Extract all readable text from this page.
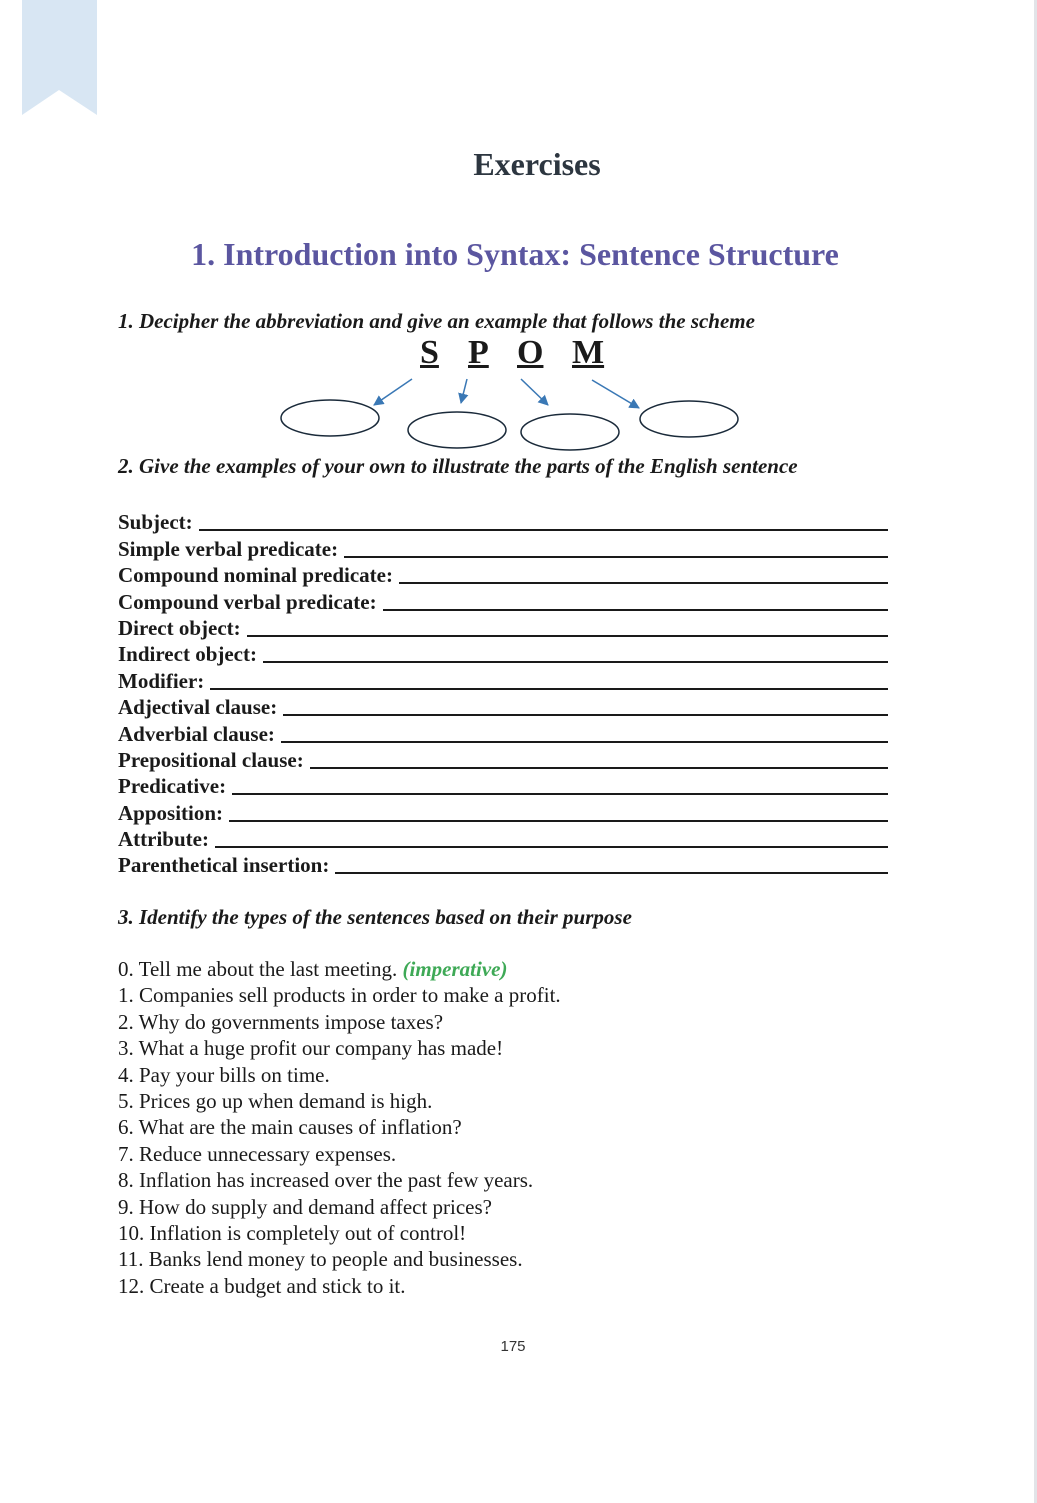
Exercises
1. Introduction into Syntax: Sentence Structure
1. Decipher the abbreviation and give an example that follows the scheme
S P O M
2. Give the examples of your own to illustrate the parts of the English sentence
Subject:
Simple verbal predicate:
Compound nominal predicate:
Compound verbal predicate:
Direct object:
Indirect object:
Modifier:
Adjectival clause:
Adverbial clause:
Prepositional clause:
Predicative:
Apposition:
Attribute:
Parenthetical insertion:
3. Identify the types of the sentences based on their purpose
0. Tell me about the last meeting. (imperative)
1. Companies sell products in order to make a profit.
2. Why do governments impose taxes?
3. What a huge profit our company has made!
4. Pay your bills on time.
5. Prices go up when demand is high.
6. What are the main causes of inflation?
7. Reduce unnecessary expenses.
8. Inflation has increased over the past few years.
9. How do supply and demand affect prices?
10. Inflation is completely out of control!
11. Banks lend money to people and businesses.
12. Create a budget and stick to it.
175
